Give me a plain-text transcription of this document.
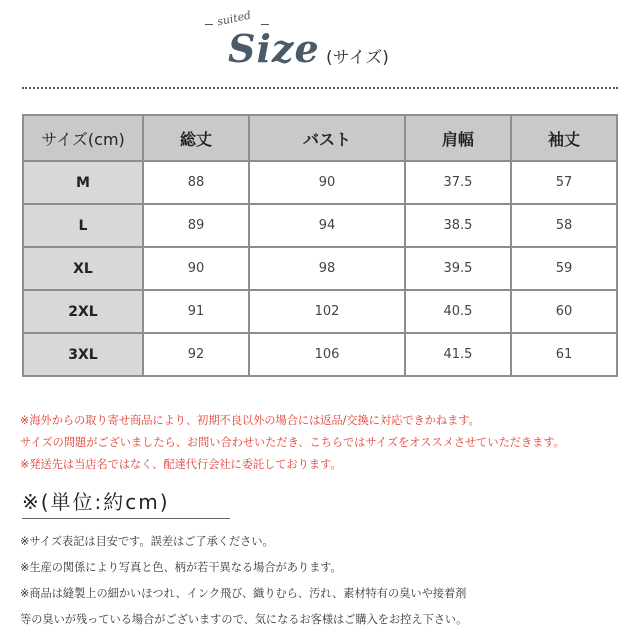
suited
Size (サイズ)
サイズ(cm)	総丈	バスト	肩幅	袖丈
M	88	90	37.5	57
L	89	94	38.5	58
XL	90	98	39.5	59
2XL	91	102	40.5	60
3XL	92	106	41.5	61
※海外からの取り寄せ商品により、初期不良以外の場合には返品/交換に対応できかねます。
サイズの問題がございましたら、お問い合わせいただき、こちらではサイズをオススメさせていただきます。
※発送先は当店名ではなく、配達代行会社に委託しております。
※(単位:約cm)
※サイズ表記は目安です。誤差はご了承ください。
※生産の関係により写真と色、柄が若干異なる場合があります。
※商品は縫製上の細かいほつれ、インク飛び、織りむら、汚れ、素材特有の臭いや接着剤
等の臭いが残っている場合がございますので、気になるお客様はご購入をお控え下さい。
